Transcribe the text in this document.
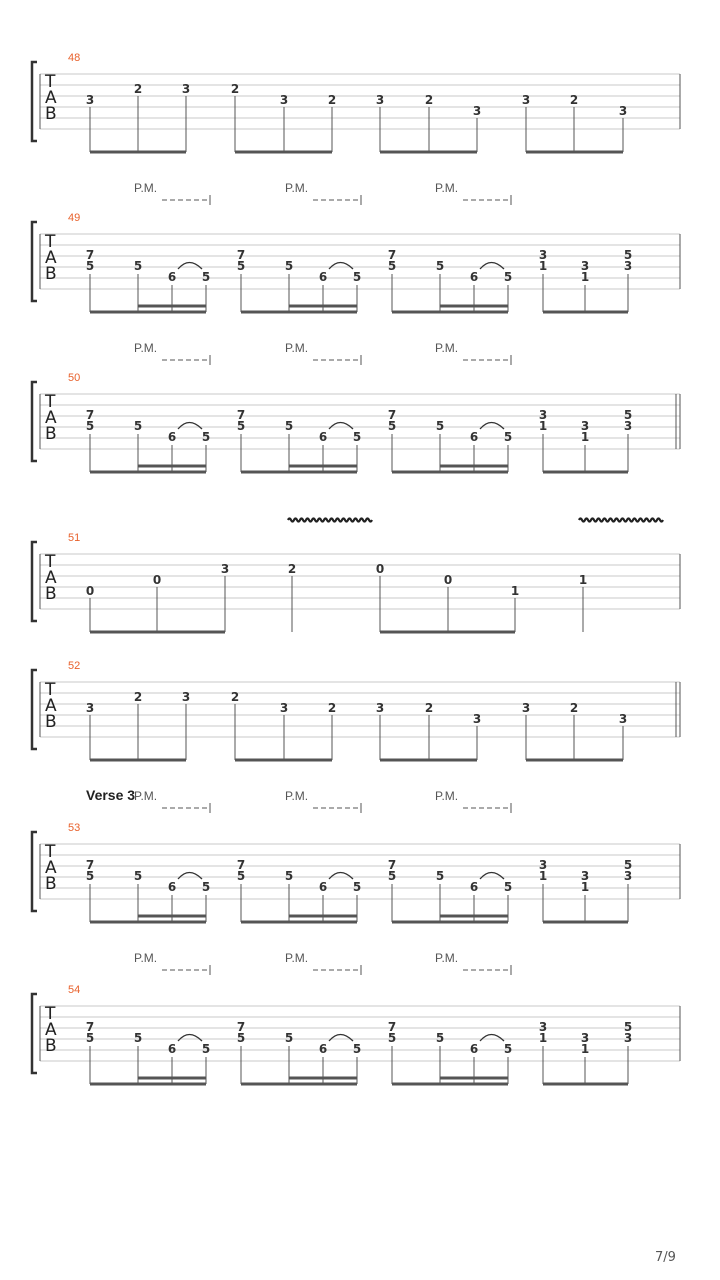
T
A
B
48
3
2	3	2
3	2	3	2
3
3	2
3
T
A
B
49
P.M.	P.M.	P.M.
7
5	5
6 5
7
5	5
6 5
7
5	5
6 5
3
1	3
1
5
3
T
A
B
50
P.M.	P.M.	P.M.
7
5	5
6 5
7
5	5
6 5
7
5	5
6 5
3
1	3
1
5
3
T
A
B
51
0
0
3	2	0
0
1
1
T
A
B
52
3
2	3	2
3	2	3	2
3
3	2
3
T
A
B
53
P.M.	P.M.	P.M.
Verse 3
7
5	5
6 5
7
5	5
6 5
7
5	5
6 5
3
1	3
1
5
3
T
A
B
54
P.M.	P.M.	P.M.
7
5	5
6 5
7
5	5
6 5
7
5	5
6 5
3
1	3
1
5
3
7/9
